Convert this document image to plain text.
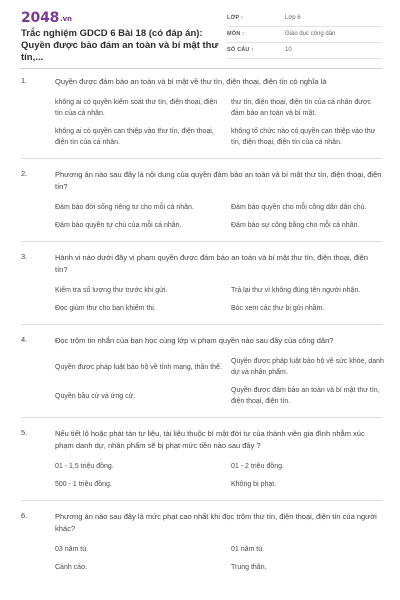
2048.vn
Trắc nghiệm GDCD 6 Bài 18 (có đáp án): Quyền được bảo đảm an toàn và bí mật thư tín,...
LỚP :	Lớp 6
MÔN :	Giáo dục công dân
SỐ CÂU :	10
1.	Quyền được đảm bảo an toàn và bí mật về thư tín, điện thoại, điện tín có nghĩa là
không ai có quyền kiểm soát thư tín, điện thoại, điện tín của cá nhân.
thư tín, điện thoại, điện tín của cá nhân được đảm bảo an toàn và bí mật.
không ai có quyền can thiệp vào thư tín, điện thoại, điện tín của cá nhân.
không tổ chức nào có quyền can thiệp vào thư tín, điện thoại, điện tín của cá nhân.
2.	Phương án nào sau đây là nội dung của quyền đảm bảo an toàn và bí mật thư tín, điện thoại, điện tín?
Đảm bảo đời sống riêng tư cho mỗi cá nhân.	Đảm bảo quyền cho mỗi công dân dân chủ.
Đảm bảo quyền tự chủ của mỗi cá nhân.	Đảm bảo sự công bằng cho mỗi cá nhân.
3.	Hành vi nào dưới đây vi phạm quyền được đảm bảo an toàn và bí mật thư tín, điện thoại, điện tín?
Kiểm tra số lượng thư trước khi gửi.	Trả lại thư vì không đúng tên người nhận.
Đọc giùm thư cho bạn khiếm thị.	Bóc xem các thư bị gửi nhầm.
4.	Đọc trộm tin nhắn của bạn học cùng lớp vi phạm quyền nào sau đây của công dân?
Quyền được pháp luật bảo hộ về tính mạng, thân thể.
Quyền được pháp luật bảo hộ về sức khỏe, danh dự và nhân phẩm.
Quyền bầu cử và ứng cử.
Quyền được đảm bảo an toàn và bí mật thư tín, điện thoại, điện tín.
5.	Nếu tiết lộ hoặc phát tán tư liệu, tài liệu thuộc bí mật đời tư của thành viên gia đình nhằm xúc phạm danh dự, nhân phẩm sẽ bị phạt mức tiền nào sau đây ?
01 - 1,5 triệu đồng.	01 - 2 triệu đồng.
500 - 1 triệu đồng.	Không bị phạt.
6.	Phương án nào sau đây là mức phạt cao nhất khi đọc trộm thư tín, điện thoại, điện tín của người khác?
03 năm tù.	01 năm tù.
Cảnh cáo.	Trung thân.
